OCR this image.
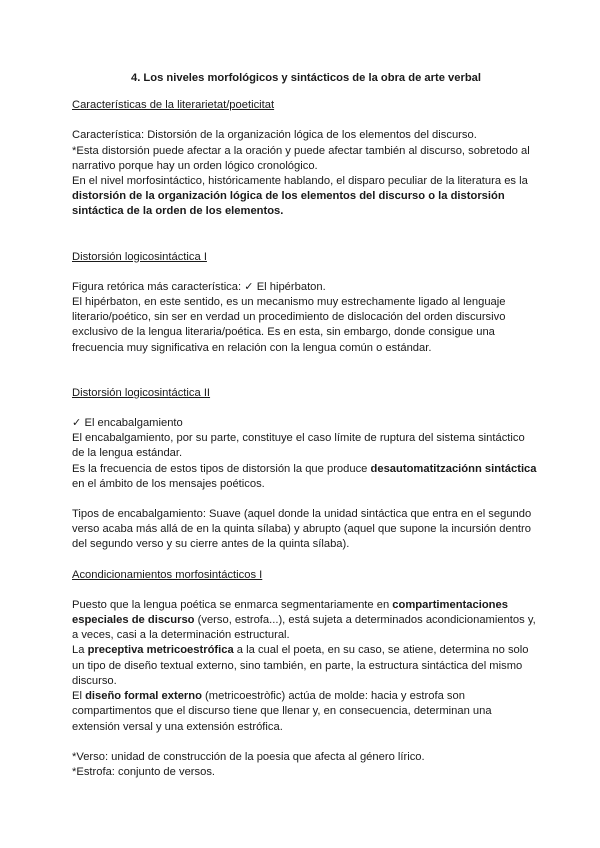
4. Los niveles morfológicos y sintácticos de la obra de arte verbal
Características de la literarietat/poeticitat

Característica: Distorsión de la organización lógica de los elementos del discurso.

*Esta distorsión puede afectar a la oración y puede afectar también al discurso, sobretodo al narrativo porque hay un orden lógico cronológico.

En el nivel morfosintáctico, históricamente hablando, el disparo peculiar de la literatura es la distorsión de la organización lógica de los elementos del discurso o la distorsión sintáctica de la orden de los elementos.

Distorsión logicosintáctica I

Figura retórica más característica: ✓ El hipérbaton.

El hipérbaton, en este sentido, es un mecanismo muy estrechamente ligado al lenguaje literario/poético, sin ser en verdad un procedimiento de dislocación del orden discursivo exclusivo de la lengua literaria/poética. Es en esta, sin embargo, donde consigue una frecuencia muy significativa en relación con la lengua común o estándar.

Distorsión logicosintáctica II

✓ El encabalgamiento

El encabalgamiento, por su parte, constituye el caso límite de ruptura del sistema sintáctico de la lengua estándar.

Es la frecuencia de estos tipos de distorsión la que produce desautomatitzaciónn sintáctica en el ámbito de los mensajes poéticos.

Tipos de encabalgamiento: Suave (aquel donde la unidad sintáctica que entra en el segundo verso acaba más allá de en la quinta sílaba) y abrupto (aquel que supone la incursión dentro del segundo verso y su cierre antes de la quinta sílaba).

Acondicionamientos morfosintácticos I

Puesto que la lengua poética se enmarca segmentariamente en compartimentaciones especiales de discurso (verso, estrofa...), está sujeta a determinados acondicionamientos y, a veces, casi a la determinación estructural.

La preceptiva metricoestrófica a la cual el poeta, en su caso, se atiene, determina no solo un tipo de diseño textual externo, sino también, en parte, la estructura sintáctica del mismo discurso.

El diseño formal externo (metricoestròfic) actúa de molde: hacia y estrofa son compartimentos que el discurso tiene que llenar y, en consecuencia, determinan una extensión versal y una extensión estrófica.

*Verso: unidad de construcción de la poesia que afecta al género lírico.

*Estrofa: conjunto de versos.
